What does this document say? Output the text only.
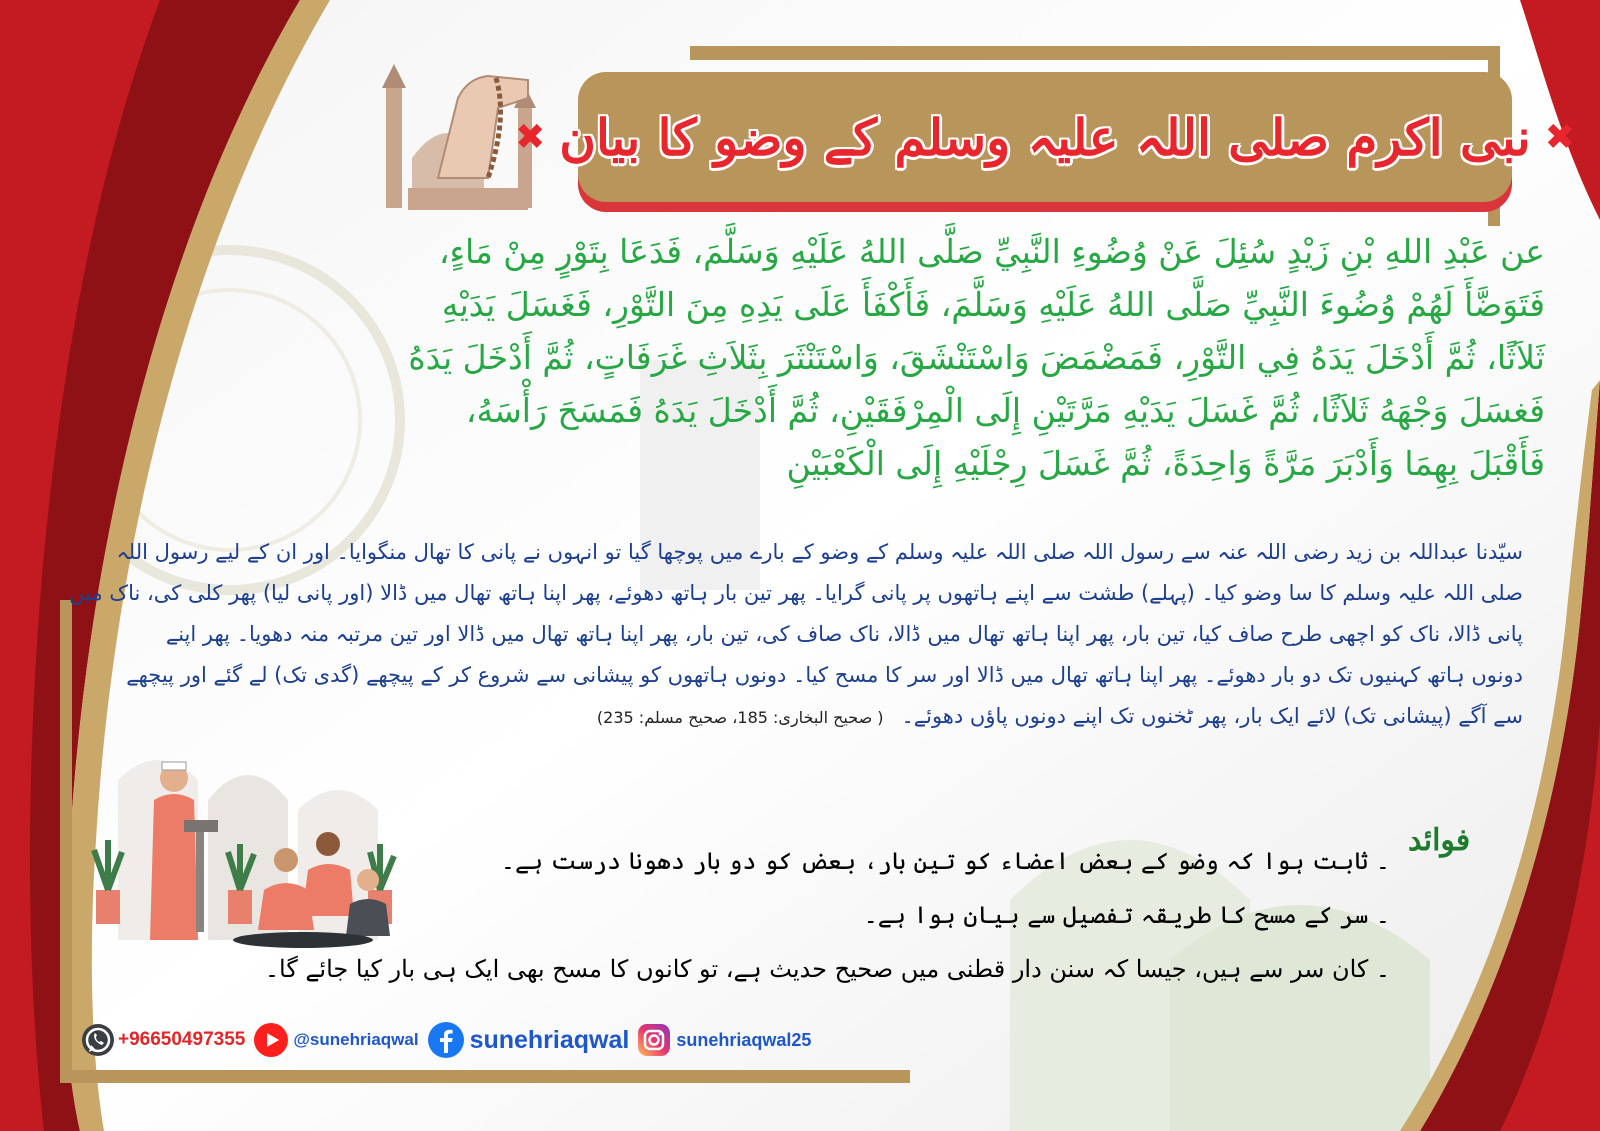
✖
نبی اکرم صلی اللہ علیہ وسلم کے وضو کا بیان
✖
عن عَبْدِ اللهِ بْنِ زَيْدٍ سُئِلَ عَنْ وُضُوءِ النَّبِيِّ صَلَّى اللهُ عَلَيْهِ وَسَلَّمَ، فَدَعَا بِتَوْرٍ مِنْ مَاءٍ،
فَتَوَضَّأَ لَهُمْ وُضُوءَ النَّبِيِّ صَلَّى اللهُ عَلَيْهِ وَسَلَّمَ، فَأَكْفَأَ عَلَى يَدِهِ مِنَ التَّوْرِ، فَغَسَلَ يَدَيْهِ
ثَلاَثًا، ثُمَّ أَدْخَلَ يَدَهُ فِي التَّوْرِ، فَمَضْمَضَ وَاسْتَنْشَقَ، وَاسْتَنْثَرَ بِثَلاَثِ غَرَفَاتٍ، ثُمَّ أَدْخَلَ يَدَهُ
فَغسَلَ وَجْهَهُ ثَلاَثًا، ثُمَّ غَسَلَ يَدَيْهِ مَرَّتَيْنِ إِلَى الْمِرْفَقَيْنِ، ثُمَّ أَدْخَلَ يَدَهُ فَمَسَحَ رَأْسَهُ،
فَأَقْبَلَ بِهِمَا وَأَدْبَرَ مَرَّةً وَاحِدَةً، ثُمَّ غَسَلَ رِجْلَيْهِ إِلَى الْكَعْبَيْنِ
سیّدنا عبداللہ بن زید رضی اللہ عنہ سے رسول اللہ صلی اللہ علیہ وسلم کے وضو کے بارے میں پوچھا گیا تو انہوں نے پانی کا تھال منگوایا۔ اور ان کے لیے رسول اللہ
صلی اللہ علیہ وسلم کا سا وضو کیا۔ (پہلے) طشت سے اپنے ہاتھوں پر پانی گرایا۔ پھر تین بار ہاتھ دھوئے، پھر اپنا ہاتھ تھال میں ڈالا (اور پانی لیا) پھر کلی کی، ناک میں
پانی ڈالا، ناک کو اچھی طرح صاف کیا، تین بار، پھر اپنا ہاتھ تھال میں ڈالا، ناک صاف کی، تین بار، پھر اپنا ہاتھ تھال میں ڈالا اور تین مرتبہ منہ دھویا۔ پھر اپنے
دونوں ہاتھ کہنیوں تک دو بار دھوئے۔ پھر اپنا ہاتھ تھال میں ڈالا اور سر کا مسح کیا۔ دونوں ہاتھوں کو پیشانی سے شروع کر کے پیچھے (گدی تک) لے گئے اور پیچھے
سے آگے (پیشانی تک) لائے ایک بار، پھر ٹخنوں تک اپنے دونوں پاؤں دھوئے۔( صحیح البخاری: 185، صحیح مسلم: 235)
فوائد
۔ ثابت ہوا کہ وضو کے بعض اعضاء کو تین بار، بعض کو دو بار دھونا درست ہے۔
۔ سر کے مسح کا طریقہ تفصیل سے بیان ہوا ہے۔
۔ کان سر سے ہیں، جیسا کہ سنن دار قطنی میں صحیح حدیث ہے، تو کانوں کا مسح بھی ایک ہی بار کیا جائے گا۔
+96650497355	@sunehriaqwal sunehriaqwal	sunehriaqwal25
